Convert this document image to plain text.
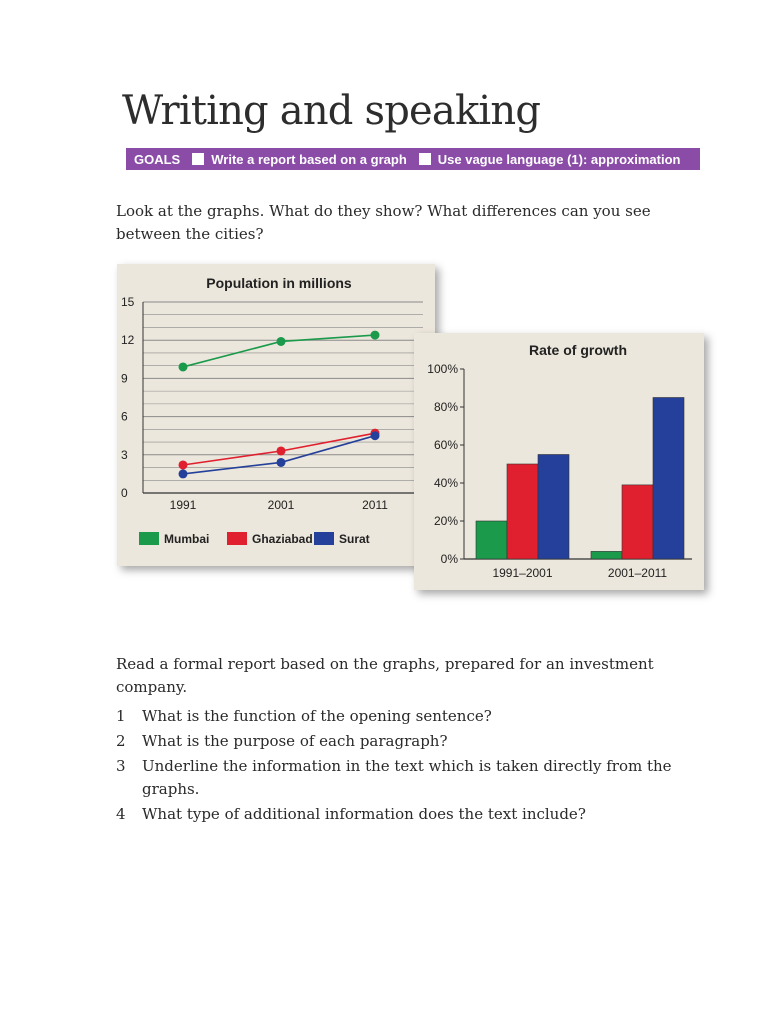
Writing and speaking
GOALS	Write a report based on a graph Use vague language (1): approximation

Look at the graphs. What do they show? What differences can you see between the cities?

Population in millions
0
3
6
9
12
15
1991	2001	2011
Mumbai	Ghaziabad Surat
Rate of growth
0%
20%
40%
60%
80%
100%
1991–2001	2001–2011

Read a formal report based on the graphs, prepared for an investment company.

1	What is the function of the opening sentence?
2	What is the purpose of each paragraph?
3	Underline the information in the text which is taken directly from the graphs.
4	What type of additional information does the text include?
